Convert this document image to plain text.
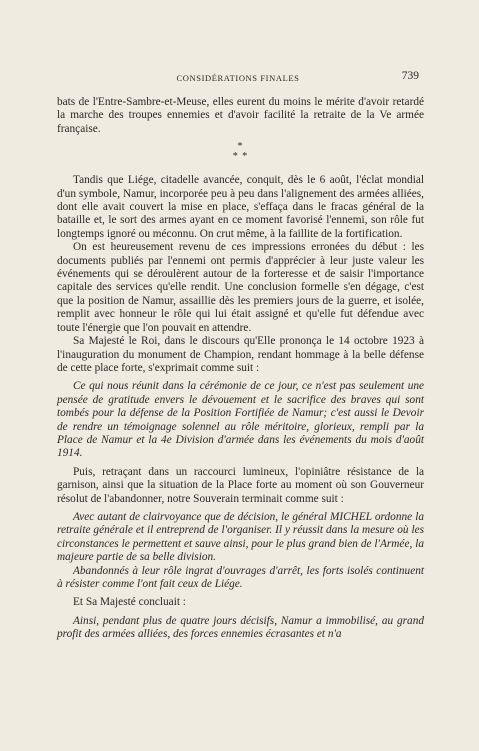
CONSIDÉRATIONS FINALES	739

bats de l'Entre-Sambre-et-Meuse, elles eurent du moins le mérite d'avoir retardé la marche des troupes ennemies et d'avoir facilité la retraite de la Ve armée française.

*
* *

Tandis que Liége, citadelle avancée, conquit, dès le 6 août, l'éclat mondial d'un symbole, Namur, incorporée peu à peu dans l'alignement des armées alliées, dont elle avait couvert la mise en place, s'effaça dans le fracas général de la bataille et, le sort des armes ayant en ce moment favorisé l'ennemi, son rôle fut longtemps ignoré ou méconnu. On crut même, à la faillite de la fortification.

On est heureusement revenu de ces impressions erronées du début : les documents publiés par l'ennemi ont permis d'apprécier à leur juste valeur les événements qui se déroulèrent autour de la forteresse et de saisir l'importance capitale des services qu'elle rendit. Une conclusion formelle s'en dégage, c'est que la position de Namur, assaillie dès les premiers jours de la guerre, et isolée, remplit avec honneur le rôle qui lui était assigné et qu'elle fut défendue avec toute l'énergie que l'on pouvait en attendre.

Sa Majesté le Roi, dans le discours qu'Elle prononça le 14 octobre 1923 à l'inauguration du monument de Champion, rendant hommage à la belle défense de cette place forte, s'exprimait comme suit :

Ce qui nous réunit dans la cérémonie de ce jour, ce n'est pas seulement une pensée de gratitude envers le dévouement et le sacrifice des braves qui sont tombés pour la défense de la Position Fortifiée de Namur; c'est aussi le Devoir de rendre un témoignage solennel au rôle méritoire, glorieux, rempli par la Place de Namur et la 4e Division d'armée dans les événements du mois d'août 1914.

Puis, retraçant dans un raccourci lumineux, l'opiniâtre résistance de la garnison, ainsi que la situation de la Place forte au moment où son Gouverneur résolut de l'abandonner, notre Souverain terminait comme suit :

Avec autant de clairvoyance que de décision, le général MICHEL ordonne la retraite générale et il entreprend de l'organiser. Il y réussit dans la mesure où les circonstances le permettent et sauve ainsi, pour le plus grand bien de l'Armée, la majeure partie de sa belle division.

Abandonnés à leur rôle ingrat d'ouvrages d'arrêt, les forts isolés continuent à résister comme l'ont fait ceux de Liége.

Et Sa Majesté concluait :

Ainsi, pendant plus de quatre jours décisifs, Namur a immobilisé, au grand profit des armées alliées, des forces ennemies écrasantes et n'a
